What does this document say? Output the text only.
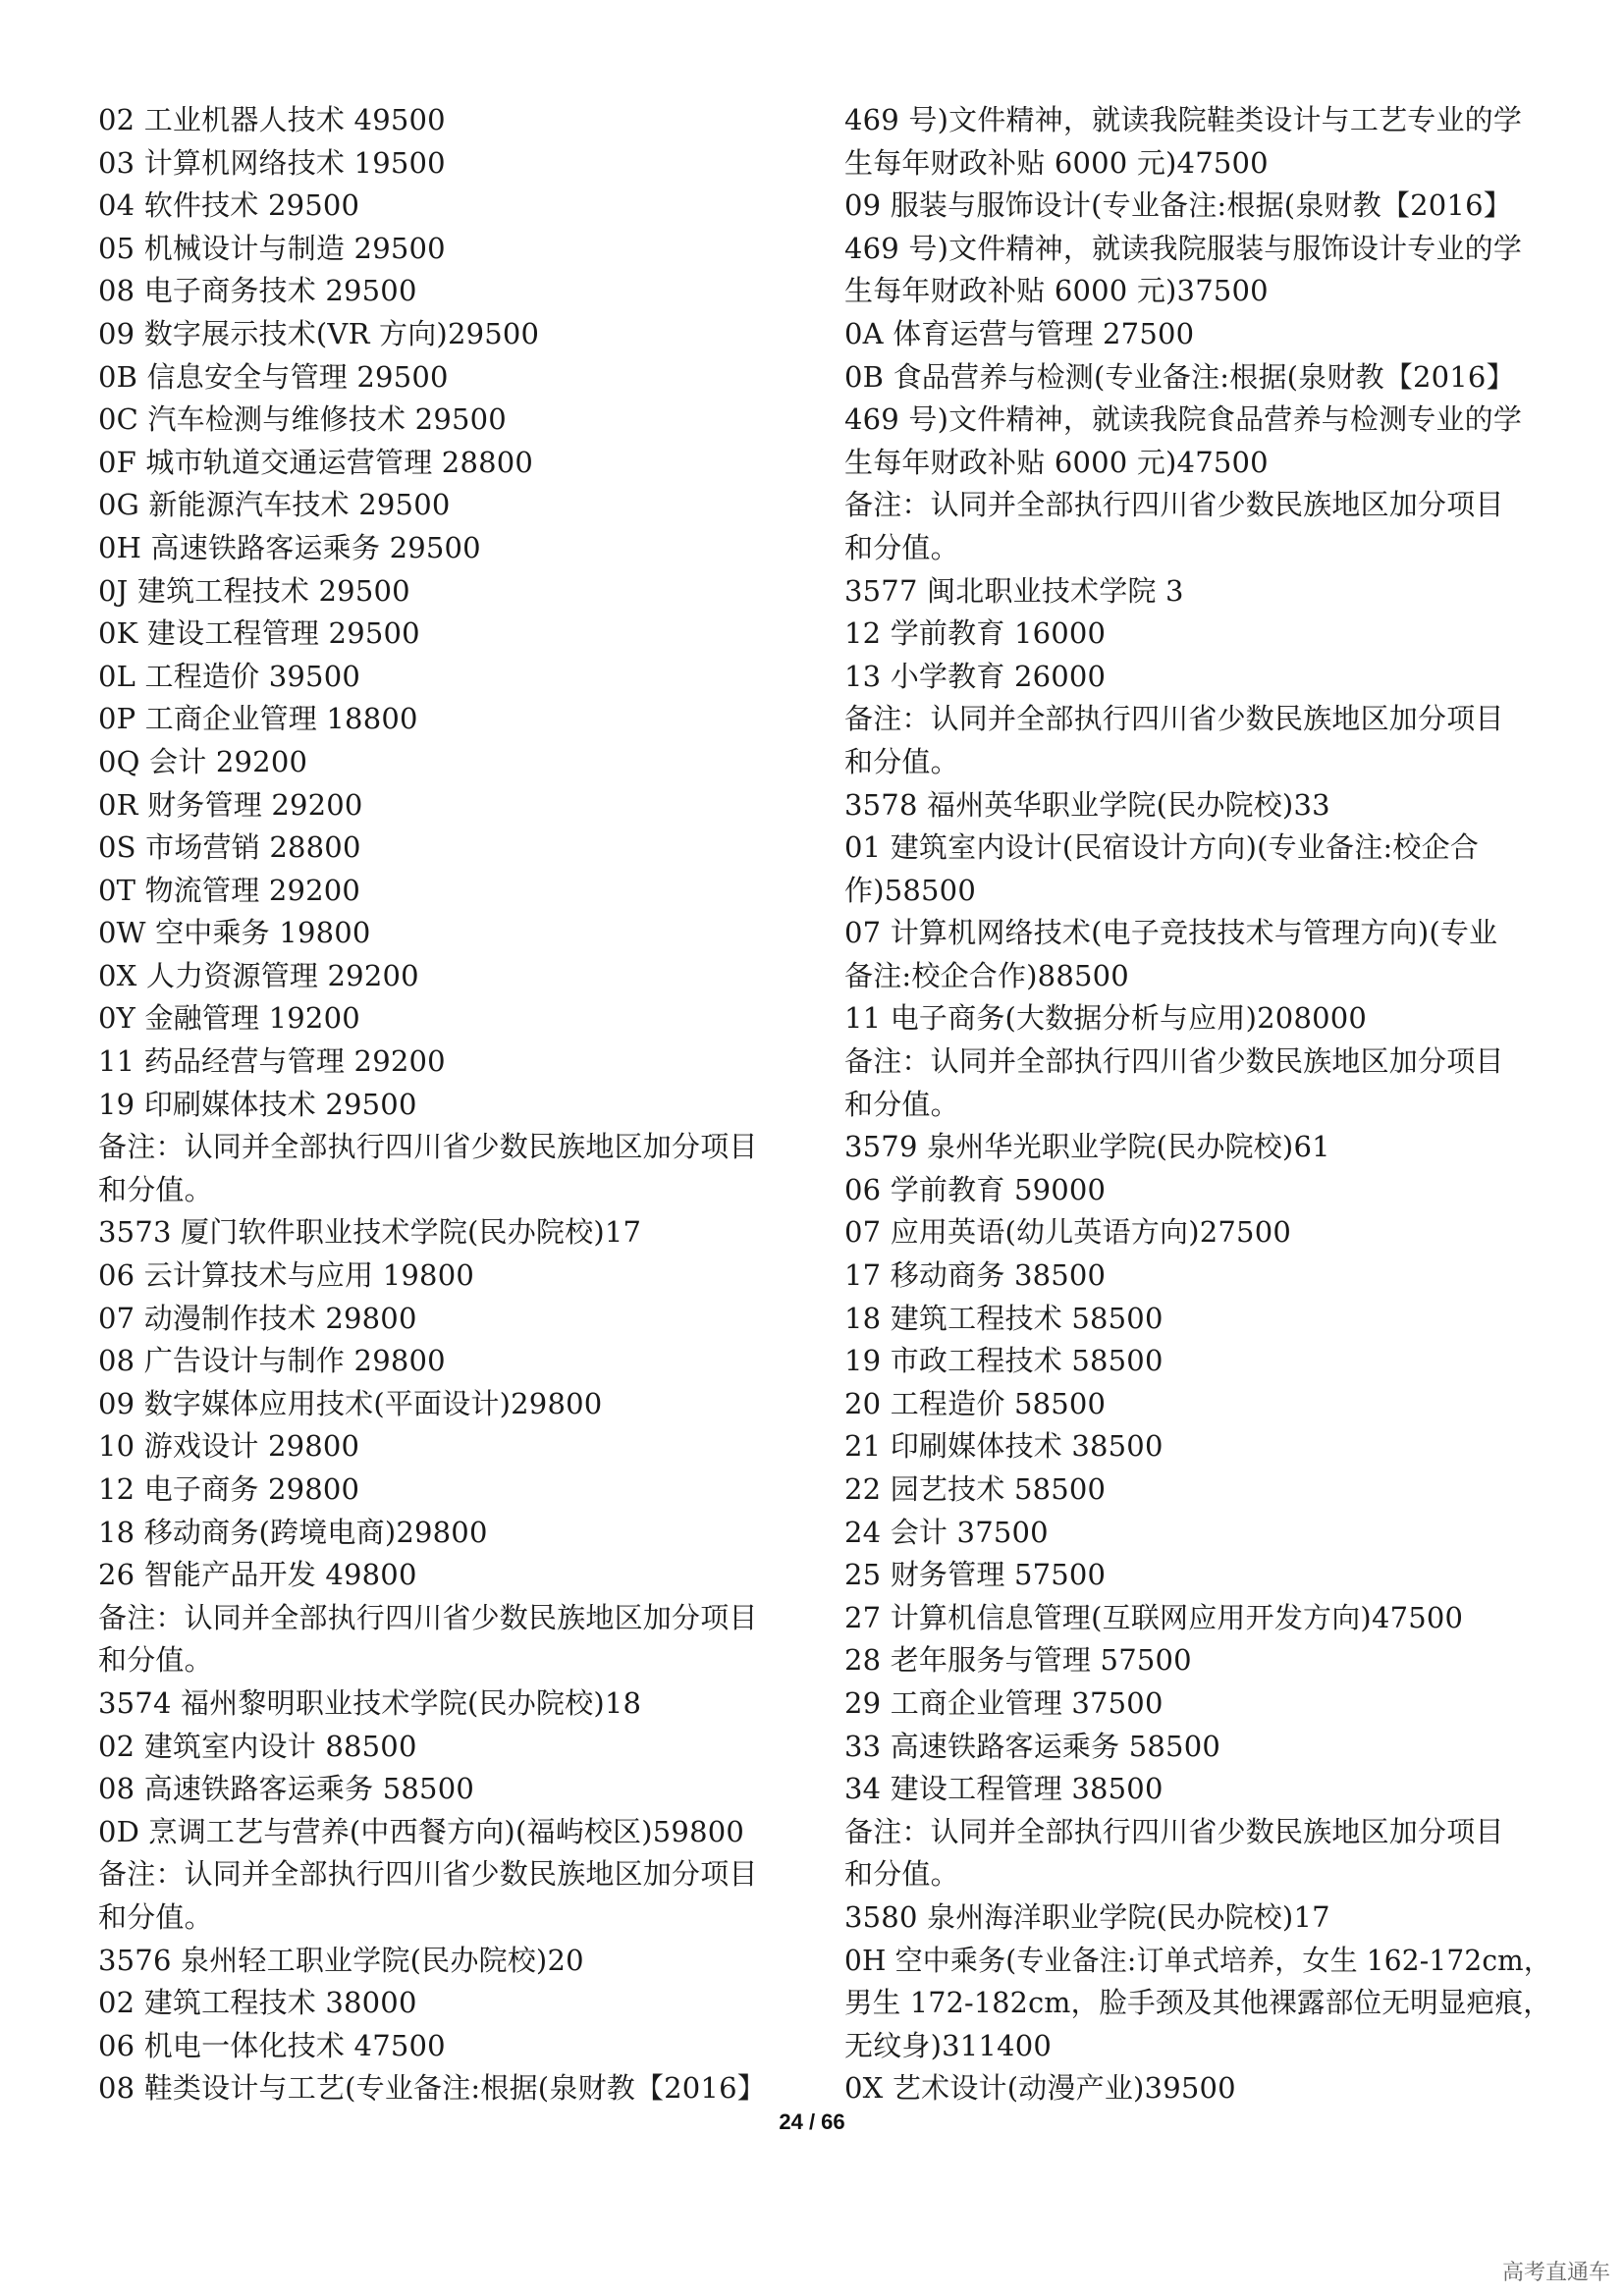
02 工业机器人技术 49500
03 计算机网络技术 19500
04 软件技术 29500
05 机械设计与制造 29500
08 电子商务技术 29500
09 数字展示技术(VR 方向)29500
0B 信息安全与管理 29500
0C 汽车检测与维修技术 29500
0F 城市轨道交通运营管理 28800
0G 新能源汽车技术 29500
0H 高速铁路客运乘务 29500
0J 建筑工程技术 29500
0K 建设工程管理 29500
0L 工程造价 39500
0P 工商企业管理 18800
0Q 会计 29200
0R 财务管理 29200
0S 市场营销 28800
0T 物流管理 29200
0W 空中乘务 19800
0X 人力资源管理 29200
0Y 金融管理 19200
11 药品经营与管理 29200
19 印刷媒体技术 29500
备注：认同并全部执行四川省少数民族地区加分项目
和分值。
3573 厦门软件职业技术学院(民办院校)17
06 云计算技术与应用 19800
07 动漫制作技术 29800
08 广告设计与制作 29800
09 数字媒体应用技术(平面设计)29800
10 游戏设计 29800
12 电子商务 29800
18 移动商务(跨境电商)29800
26 智能产品开发 49800
备注：认同并全部执行四川省少数民族地区加分项目
和分值。
3574 福州黎明职业技术学院(民办院校)18
02 建筑室内设计 88500
08 高速铁路客运乘务 58500
0D 烹调工艺与营养(中西餐方向)(福屿校区)59800
备注：认同并全部执行四川省少数民族地区加分项目
和分值。
3576 泉州轻工职业学院(民办院校)20
02 建筑工程技术 38000
06 机电一体化技术 47500
08 鞋类设计与工艺(专业备注:根据(泉财教【2016】
469 号)文件精神，就读我院鞋类设计与工艺专业的学
生每年财政补贴 6000 元)47500
09 服装与服饰设计(专业备注:根据(泉财教【2016】
469 号)文件精神，就读我院服装与服饰设计专业的学
生每年财政补贴 6000 元)37500
0A 体育运营与管理 27500
0B 食品营养与检测(专业备注:根据(泉财教【2016】
469 号)文件精神，就读我院食品营养与检测专业的学
生每年财政补贴 6000 元)47500
备注：认同并全部执行四川省少数民族地区加分项目
和分值。
3577 闽北职业技术学院 3
12 学前教育 16000
13 小学教育 26000
备注：认同并全部执行四川省少数民族地区加分项目
和分值。
3578 福州英华职业学院(民办院校)33
01 建筑室内设计(民宿设计方向)(专业备注:校企合
作)58500
07 计算机网络技术(电子竞技技术与管理方向)(专业
备注:校企合作)88500
11 电子商务(大数据分析与应用)208000
备注：认同并全部执行四川省少数民族地区加分项目
和分值。
3579 泉州华光职业学院(民办院校)61
06 学前教育 59000
07 应用英语(幼儿英语方向)27500
17 移动商务 38500
18 建筑工程技术 58500
19 市政工程技术 58500
20 工程造价 58500
21 印刷媒体技术 38500
22 园艺技术 58500
24 会计 37500
25 财务管理 57500
27 计算机信息管理(互联网应用开发方向)47500
28 老年服务与管理 57500
29 工商企业管理 37500
33 高速铁路客运乘务 58500
34 建设工程管理 38500
备注：认同并全部执行四川省少数民族地区加分项目
和分值。
3580 泉州海洋职业学院(民办院校)17
0H 空中乘务(专业备注:订单式培养，女生 162-172cm，
男生 172-182cm，脸手颈及其他裸露部位无明显疤痕，
无纹身)311400
0X 艺术设计(动漫产业)39500
24 / 66
高考直通车
